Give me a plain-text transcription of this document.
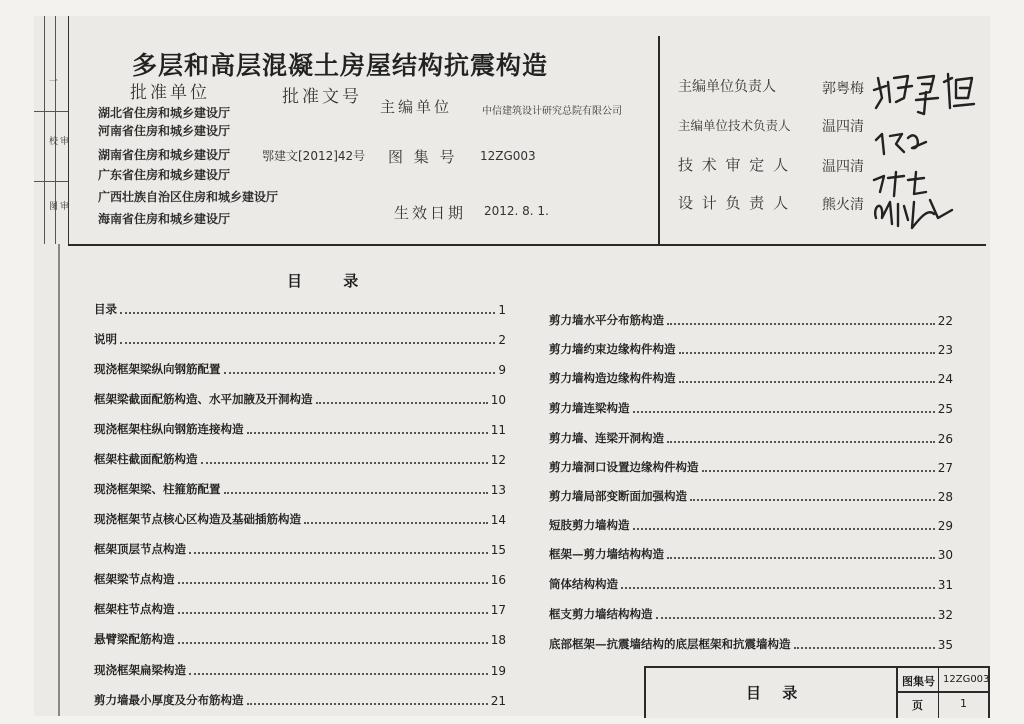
一
校 审
图 审
多层和高层混凝土房屋结构抗震构造
批准单位	批准文号
湖北省住房和城乡建设厅
河南省住房和城乡建设厅
湖南省住房和城乡建设厅
广东省住房和城乡建设厅
广西壮族自治区住房和城乡建设厅
海南省住房和城乡建设厅
鄂建文[2012]42号
主编单位	中信建筑设计研究总院有限公司
图 集 号 12ZG003
生效日期 2012. 8. 1.
主编单位负责人	郭粤梅
主编单位技术负责人 温四清
技 术 审 定 人 温四清
设 计 负 责 人 熊火清
目 录
目录	1
说明	2
现浇框架梁纵向钢筋配置	9
框架梁截面配筋构造、水平加腋及开洞构造	10
现浇框架柱纵向钢筋连接构造	11
框架柱截面配筋构造	12
现浇框架梁、柱箍筋配置	13
现浇框架节点核心区构造及基础插筋构造	14
框架顶层节点构造	15
框架梁节点构造	16
框架柱节点构造	17
悬臂梁配筋构造	18
现浇框架扁梁构造	19
剪力墙最小厚度及分布筋构造	21
剪力墙水平分布筋构造	22
剪力墙约束边缘构件构造	23
剪力墙构造边缘构件构造	24
剪力墙连梁构造	25
剪力墙、连梁开洞构造	26
剪力墙洞口设置边缘构件构造	27
剪力墙局部变断面加强构造	28
短肢剪力墙构造	29
框架—剪力墙结构构造	30
筒体结构构造	31
框支剪力墙结构构造	32
底部框架—抗震墙结构的底层框架和抗震墙构造	35
目 录
图集号 12ZG003
页	1
